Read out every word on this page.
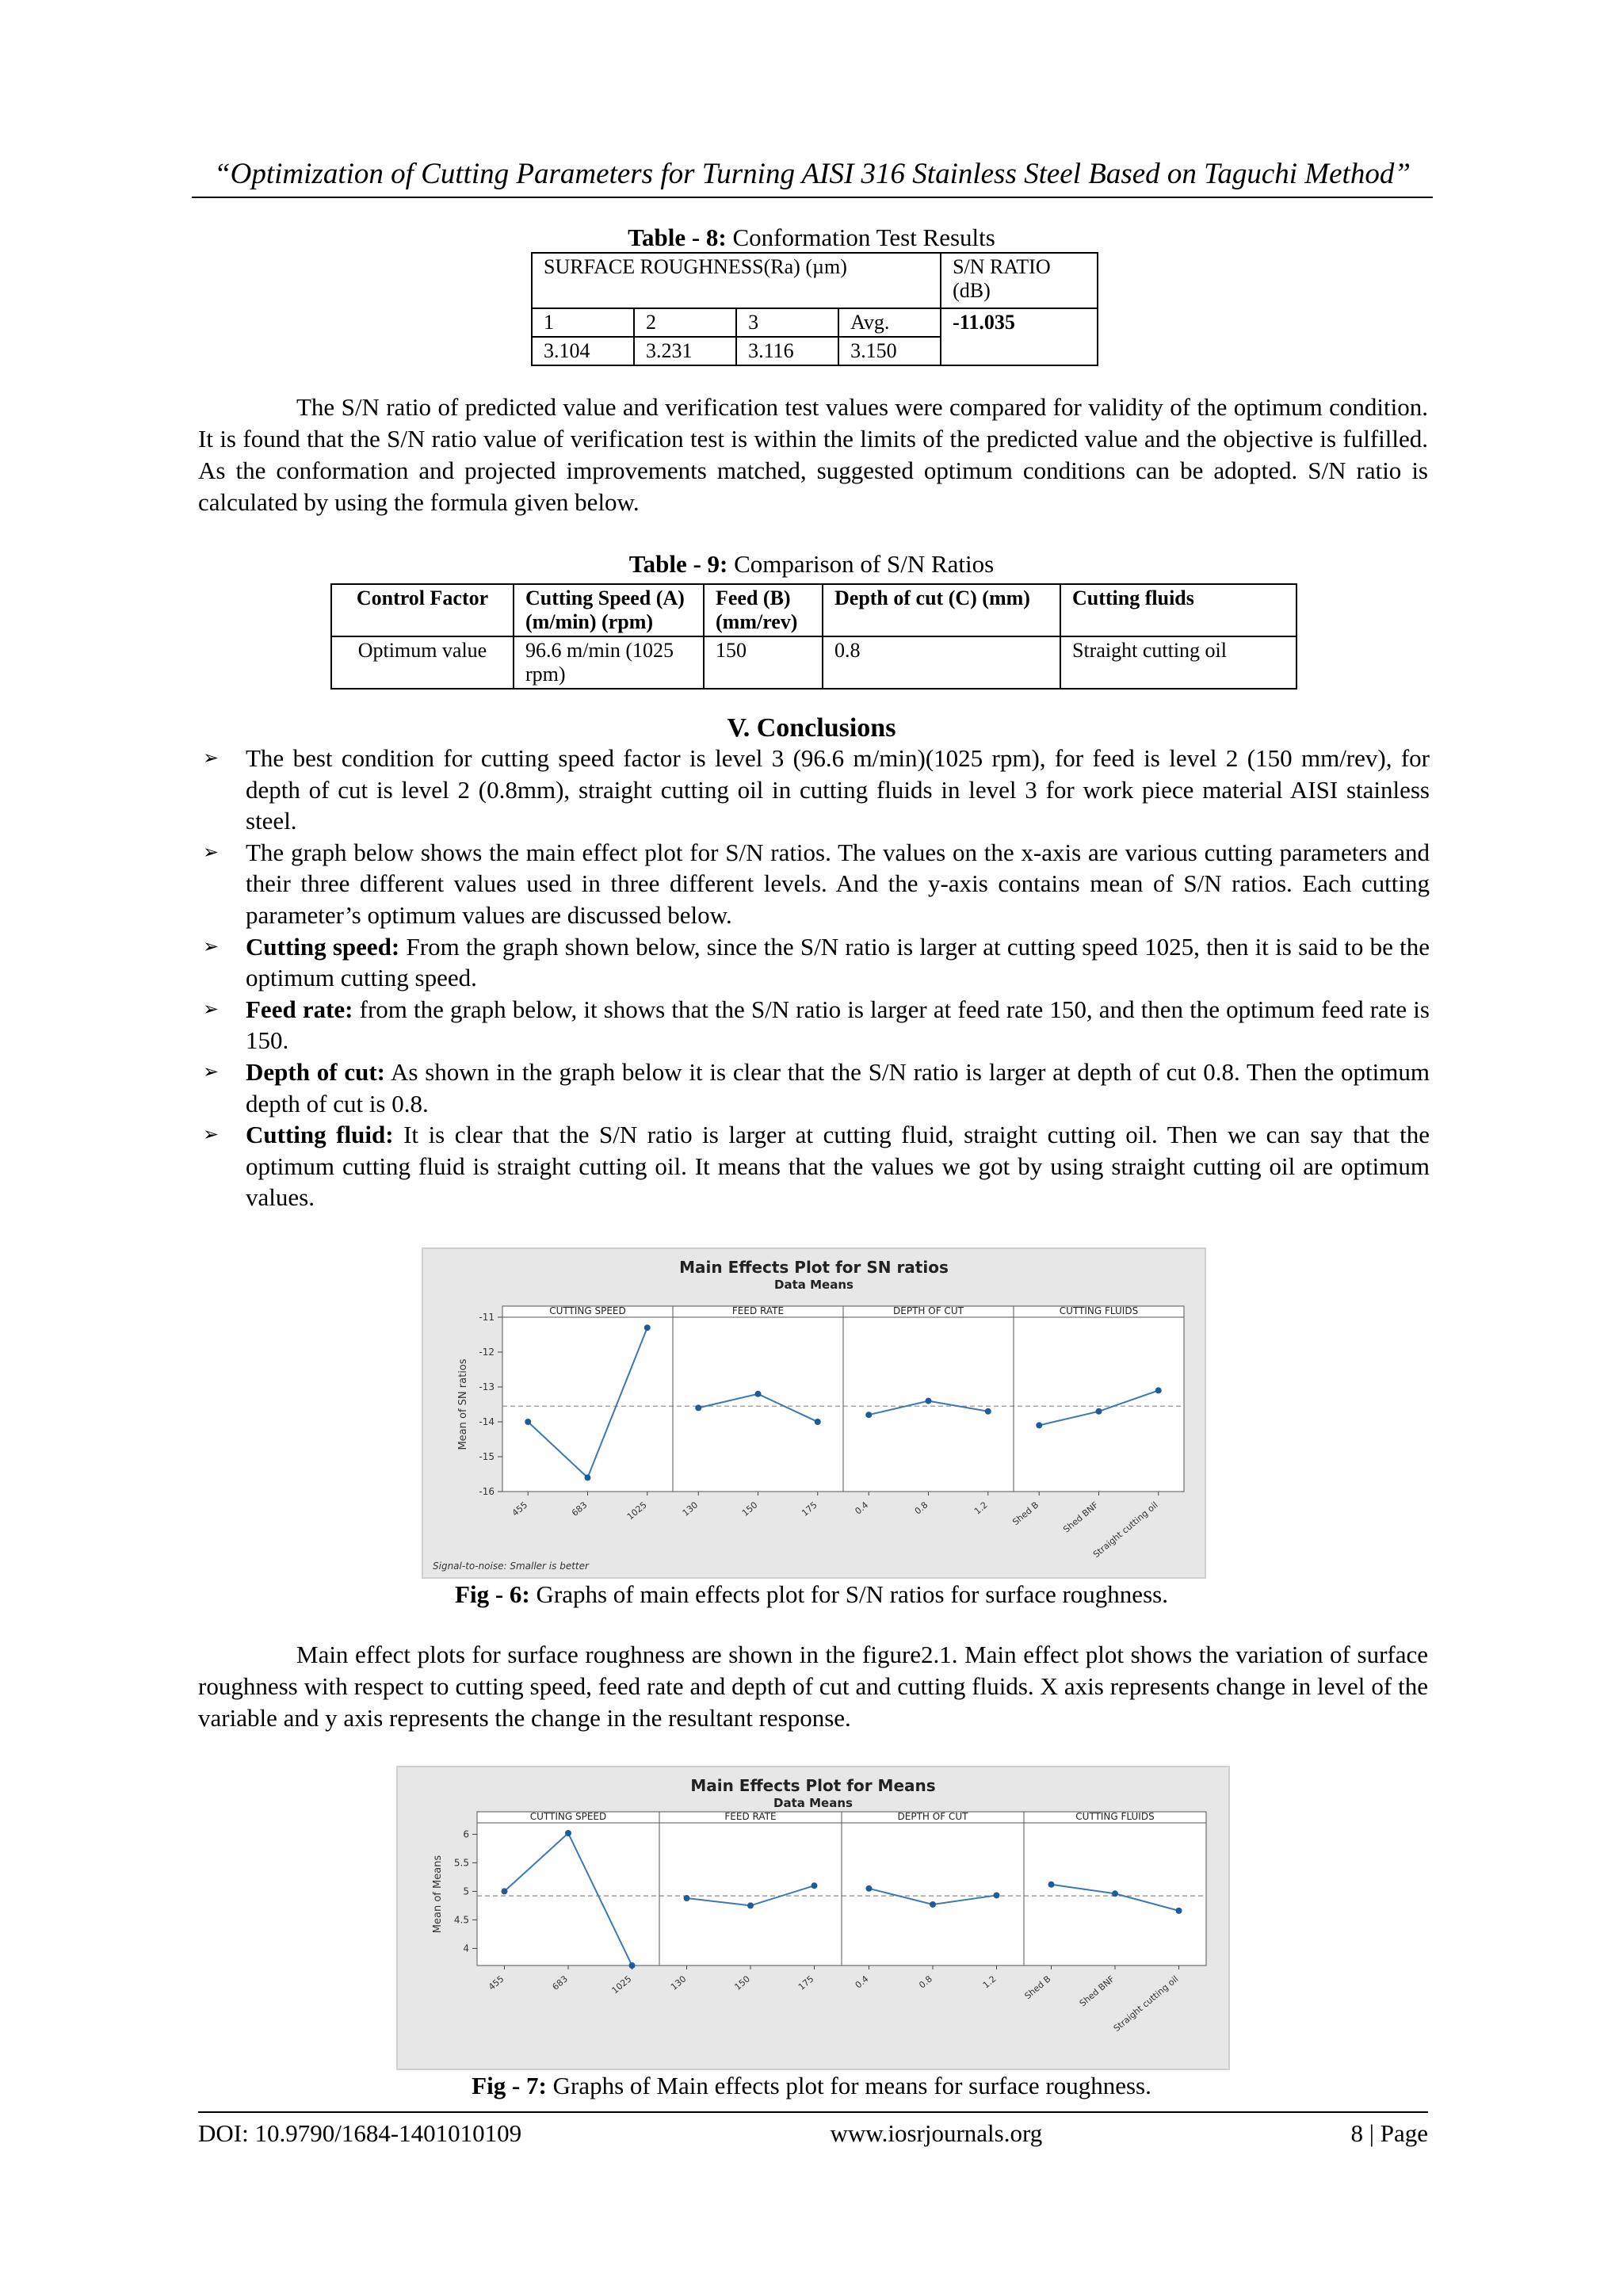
“Optimization of Cutting Parameters for Turning AISI 316 Stainless Steel Based on Taguchi Method”
Table - 8: Conformation Test Results
SURFACE ROUGHNESS(Ra) (µm)				S/N RATIO (dB)
1	2	3	Avg.	-11.035
3.104	3.231	3.116	3.150	
The S/N ratio of predicted value and verification test values were compared for validity of the optimum condition. It is found that the S/N ratio value of verification test is within the limits of the predicted value and the objective is fulfilled. As the conformation and projected improvements matched, suggested optimum conditions can be adopted. S/N ratio is calculated by using the formula given below.
Table - 9: Comparison of S/N Ratios
Control Factor	Cutting Speed (A) (m/min) (rpm)	Feed (B) (mm/rev)	Depth of cut (C) (mm)	Cutting fluids
Optimum value	96.6 m/min (1025 rpm)	150	0.8	Straight cutting oil
V. Conclusions
➢ The best condition for cutting speed factor is level 3 (96.6 m/min)(1025 rpm), for feed is level 2 (150 mm/rev), for depth of cut is level 2 (0.8mm), straight cutting oil in cutting fluids in level 3 for work piece material AISI stainless steel.
➢ The graph below shows the main effect plot for S/N ratios. The values on the x-axis are various cutting parameters and their three different values used in three different levels. And the y-axis contains mean of S/N ratios. Each cutting parameter’s optimum values are discussed below.
➢ Cutting speed: From the graph shown below, since the S/N ratio is larger at cutting speed 1025, then it is said to be the optimum cutting speed.
➢ Feed rate: from the graph below, it shows that the S/N ratio is larger at feed rate 150, and then the optimum feed rate is 150.
➢ Depth of cut: As shown in the graph below it is clear that the S/N ratio is larger at depth of cut 0.8. Then the optimum depth of cut is 0.8.
➢ Cutting fluid: It is clear that the S/N ratio is larger at cutting fluid, straight cutting oil. Then we can say that the optimum cutting fluid is straight cutting oil. It means that the values we got by using straight cutting oil are optimum values.
Main Effects Plot for SN ratios
Data Means
-11
-12
-13
-14
-15
-16
Mean of SN ratios
CUTTING SPEED
455	683	1025
FEED RATE
130	150	175
DEPTH OF CUT
0.4	0.8	1.2
CUTTING FLUIDS
Shed B Shed BNF
Straight cutting oil
Signal-to-noise: Smaller is better
Fig - 6: Graphs of main effects plot for S/N ratios for surface roughness.
Main effect plots for surface roughness are shown in the figure2.1. Main effect plot shows the variation of surface roughness with respect to cutting speed, feed rate and depth of cut and cutting fluids. X axis represents change in level of the variable and y axis represents the change in the resultant response.
Main Effects Plot for Means
Data Means
6
5.5
5
4.5
4
Mean of Means
CUTTING SPEED
455	683	1025
FEED RATE
130	150	175
DEPTH OF CUT
0.4	0.8	1.2
CUTTING FLUIDS
Shed B	Shed BNF
Straight cutting oil
Fig - 7: Graphs of Main effects plot for means for surface roughness.
DOI: 10.9790/1684-1401010109	www.iosrjournals.org	8 | Page
